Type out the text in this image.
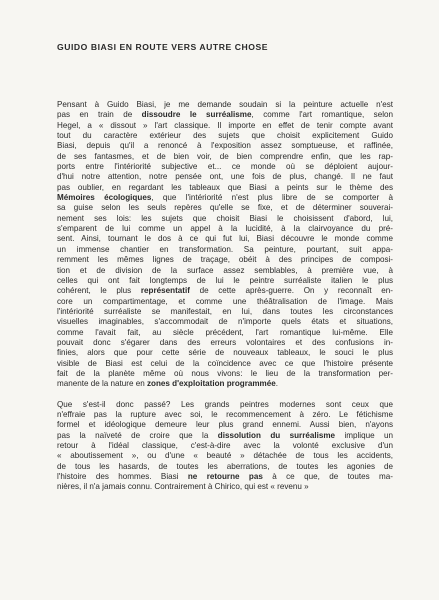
GUIDO BIASI EN ROUTE VERS AUTRE CHOSE
Pensant à Guido Biasi, je me demande soudain si la peinture actuelle n'est
pas en train de dissoudre le surréalisme, comme l'art romantique, selon
Hegel, a « dissout » l'art classique. Il importe en effet de tenir compte avant
tout du caractère extérieur des sujets que choisit explicitement Guido
Biasi, depuis qu'il a renoncé à l'exposition assez somptueuse, et raffinée,
de ses fantasmes, et de bien voir, de bien comprendre enfin, que les rap-
ports entre l'intériorité subjective et... ce monde où se déploient aujour-
d'hui notre attention, notre pensée ont, une fois de plus, changé. Il ne faut
pas oublier, en regardant les tableaux que Biasi a peints sur le thème des
Mémoires écologiques, que l'intériorité n'est plus libre de se comporter à
sa guise selon les seuls repères qu'elle se fixe, et de déterminer souverai-
nement ses lois: les sujets que choisit Biasi le choisissent d'abord, lui,
s'emparent de lui comme un appel à la lucidité, à la clairvoyance du pré-
sent. Ainsi, tournant le dos à ce qui fut lui, Biasi découvre le monde comme
un immense chantier en transformation. Sa peinture, pourtant, suit appa-
remment les mêmes lignes de traçage, obéit à des principes de composi-
tion et de division de la surface assez semblables, à première vue, à
celles qui ont fait longtemps de lui le peintre surréaliste italien le plus
cohérent, le plus représentatif de cette après-guerre. On y reconnaît en-
core un compartimentage, et comme une théâtralisation de l'image. Mais
l'intériorité surréaliste se manifestait, en lui, dans toutes les circonstances
visuelles imaginables, s'accommodait de n'importe quels états et situations,
comme l'avait fait, au siècle précédent, l'art romantique lui-même. Elle
pouvait donc s'égarer dans des erreurs volontaires et des confusions in-
finies, alors que pour cette série de nouveaux tableaux, le souci le plus
visible de Biasi est celui de la coïncidence avec ce que l'histoire présente
fait de la planète même où nous vivons: le lieu de la transformation per-
manente de la nature en zones d'exploitation programmée.
Que s'est-il donc passé? Les grands peintres modernes sont ceux que
n'effraie pas la rupture avec soi, le recommencement à zéro. Le fétichisme
formel et idéologique demeure leur plus grand ennemi. Aussi bien, n'ayons
pas la naïveté de croire que la dissolution du surréalisme implique un
retour à l'idéal classique, c'est-à-dire avec la volonté exclusive d'un
« aboutissement », ou d'une « beauté » détachée de tous les accidents,
de tous les hasards, de toutes les aberrations, de toutes les agonies de
l'histoire des hommes. Biasi ne retourne pas à ce que, de toutes ma-
nières, il n'a jamais connu. Contrairement à Chirico, qui est « revenu »
